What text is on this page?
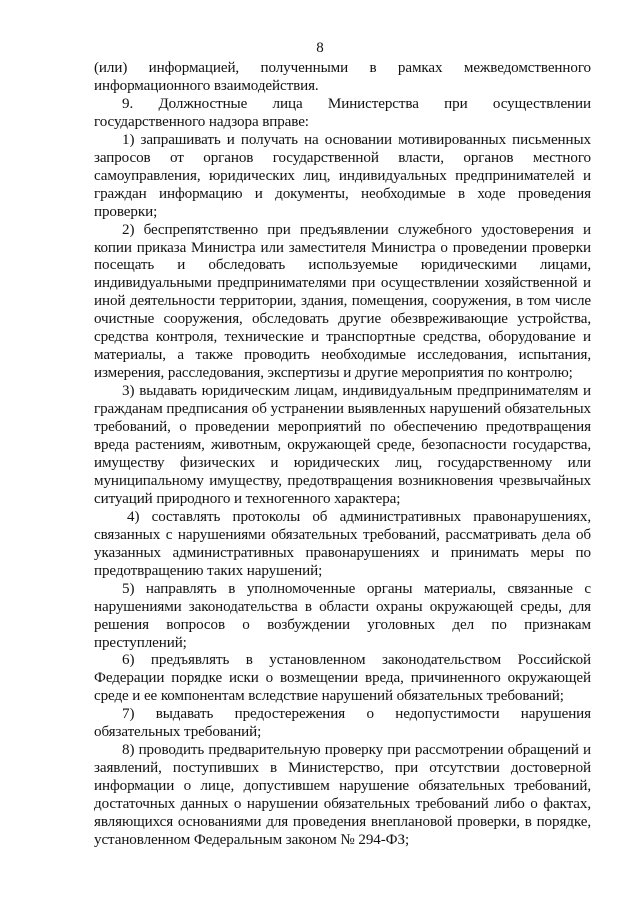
8

(или) информацией, полученными в рамках межведомственного информационного взаимодействия.

9. Должностные лица Министерства при осуществлении государственного надзора вправе:

1) запрашивать и получать на основании мотивированных письменных запросов от органов государственной власти, органов местного самоуправления, юридических лиц, индивидуальных предпринимателей и граждан информацию и документы, необходимые в ходе проведения проверки;

2) беспрепятственно при предъявлении служебного удостоверения и копии приказа Министра или заместителя Министра о проведении проверки посещать и обследовать используемые юридическими лицами, индивидуальными предпринимателями при осуществлении хозяйственной и иной деятельности территории, здания, помещения, сооружения, в том числе очистные сооружения, обследовать другие обезвреживающие устройства, средства контроля, технические и транспортные средства, оборудование и материалы, а также проводить необходимые исследования, испытания, измерения, расследования, экспертизы и другие мероприятия по контролю;

3) выдавать юридическим лицам, индивидуальным предпринимателям и гражданам предписания об устранении выявленных нарушений обязательных требований, о проведении мероприятий по обеспечению предотвращения вреда растениям, животным, окружающей среде, безопасности государства, имуществу физических и юридических лиц, государственному или муниципальному имуществу, предотвращения возникновения чрезвычайных ситуаций природного и техногенного характера;

4) составлять протоколы об административных правонарушениях, связанных с нарушениями обязательных требований, рассматривать дела об указанных административных правонарушениях и принимать меры по предотвращению таких нарушений;

5) направлять в уполномоченные органы материалы, связанные с нарушениями законодательства в области охраны окружающей среды, для решения вопросов о возбуждении уголовных дел по признакам преступлений;

6) предъявлять в установленном законодательством Российской Федерации порядке иски о возмещении вреда, причиненного окружающей среде и ее компонентам вследствие нарушений обязательных требований;

7) выдавать предостережения о недопустимости нарушения обязательных требований;

8) проводить предварительную проверку при рассмотрении обращений и заявлений, поступивших в Министерство, при отсутствии достоверной информации о лице, допустившем нарушение обязательных требований, достаточных данных о нарушении обязательных требований либо о фактах, являющихся основаниями для проведения внеплановой проверки, в порядке, установленном Федеральным законом № 294-ФЗ;
